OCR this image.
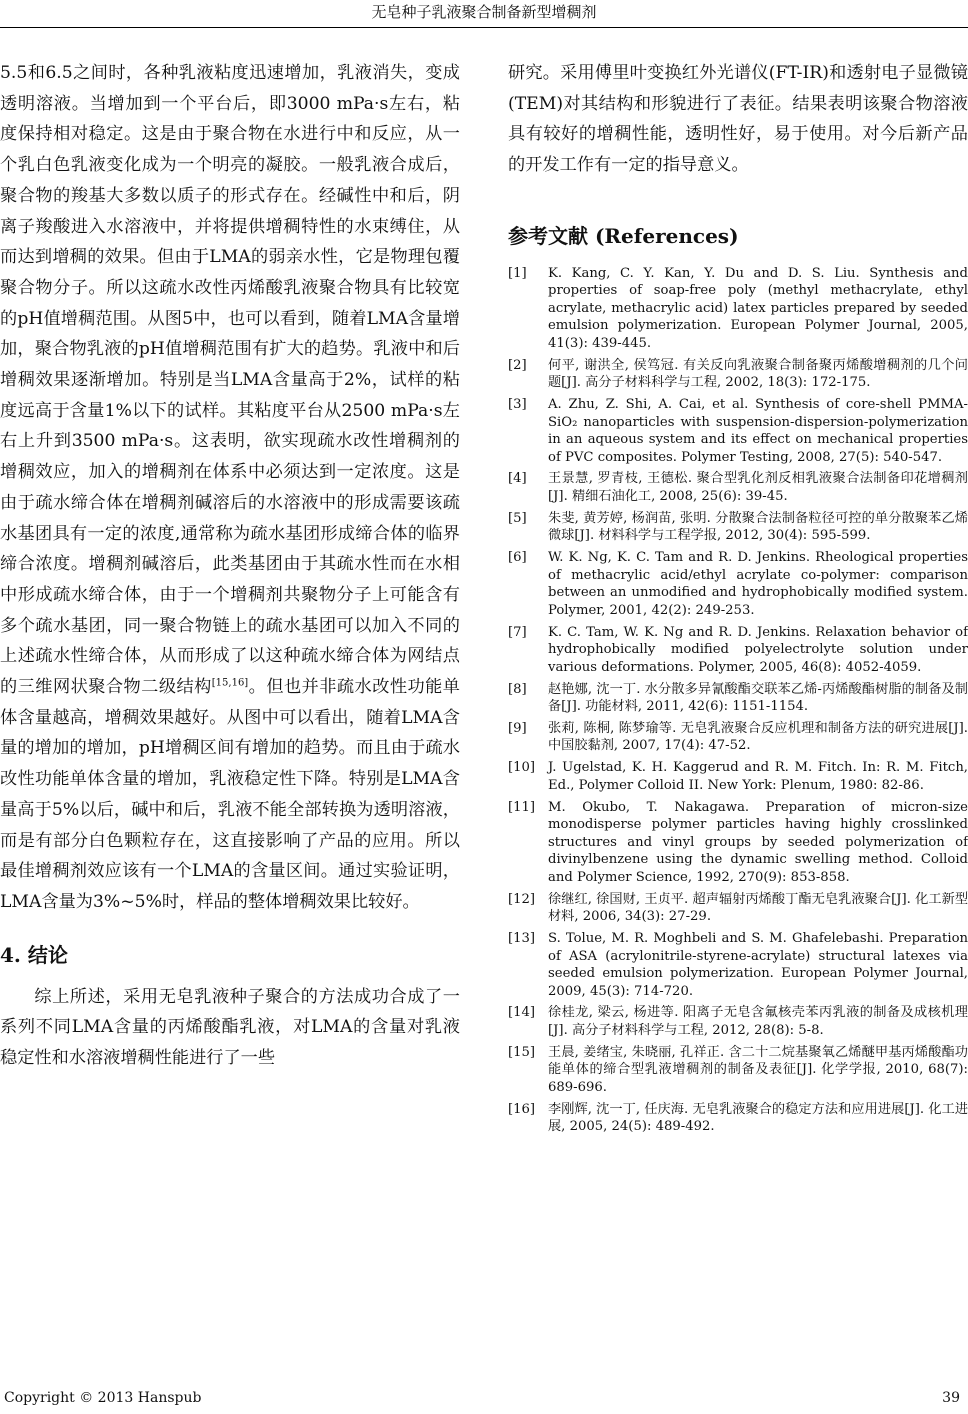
无皂种子乳液聚合制备新型增稠剂

5.5和6.5之间时，各种乳液粘度迅速增加，乳液消失，变成透明溶液。当增加到一个平台后，即3000 mPa·s左右，粘度保持相对稳定。这是由于聚合物在水进行中和反应，从一个乳白色乳液变化成为一个明亮的凝胶。一般乳液合成后，聚合物的羧基大多数以质子的形式存在。经碱性中和后，阴离子羧酸进入水溶液中，并将提供增稠特性的水束缚住，从而达到增稠的效果。但由于LMA的弱亲水性，它是物理包覆聚合物分子。所以这疏水改性丙烯酸乳液聚合物具有比较宽的pH值增稠范围。从图5中，也可以看到，随着LMA含量增加，聚合物乳液的pH值增稠范围有扩大的趋势。乳液中和后增稠效果逐渐增加。特别是当LMA含量高于2%，试样的粘度远高于含量1%以下的试样。其粘度平台从2500 mPa·s左右上升到3500 mPa·s。这表明，欲实现疏水改性增稠剂的增稠效应，加入的增稠剂在体系中必须达到一定浓度。这是由于疏水缔合体在增稠剂碱溶后的水溶液中的形成需要该疏水基团具有一定的浓度,通常称为疏水基团形成缔合体的临界缔合浓度。增稠剂碱溶后，此类基团由于其疏水性而在水相中形成疏水缔合体，由于一个增稠剂共聚物分子上可能含有多个疏水基团，同一聚合物链上的疏水基团可以加入不同的上述疏水性缔合体，从而形成了以这种疏水缔合体为网结点的三维网状聚合物二级结构[15,16]。但也并非疏水改性功能单体含量越高，增稠效果越好。从图中可以看出，随着LMA含量的增加的增加，pH增稠区间有增加的趋势。而且由于疏水改性功能单体含量的增加，乳液稳定性下降。特别是LMA含量高于5%以后，碱中和后，乳液不能全部转换为透明溶液，而是有部分白色颗粒存在，这直接影响了产品的应用。所以最佳增稠剂效应该有一个LMA的含量区间。通过实验证明，LMA含量为3%~5%时，样品的整体增稠效果比较好。

4. 结论

综上所述，采用无皂乳液种子聚合的方法成功合成了一系列不同LMA含量的丙烯酸酯乳液，对LMA的含量对乳液稳定性和水溶液增稠性能进行了一些

研究。采用傅里叶变换红外光谱仪(FT-IR)和透射电子显微镜(TEM)对其结构和形貌进行了表征。结果表明该聚合物溶液具有较好的增稠性能，透明性好，易于使用。对今后新产品的开发工作有一定的指导意义。

参考文献 (References)
[1]	K. Kang, C. Y. Kan, Y. Du and D. S. Liu. Synthesis and properties of soap-free poly (methyl methacrylate, ethyl acrylate, methacrylic acid) latex particles prepared by seeded emulsion polymerization. European Polymer Journal, 2005, 41(3): 439-445.
[2]	何平, 谢洪全, 侯笃冠. 有关反向乳液聚合制备聚丙烯酸增稠剂的几个问题[J]. 高分子材料科学与工程, 2002, 18(3): 172-175.
[3]	A. Zhu, Z. Shi, A. Cai, et al. Synthesis of core-shell PMMA-SiO₂ nanoparticles with suspension-dispersion-polymerization in an aqueous system and its effect on mechanical properties of PVC composites. Polymer Testing, 2008, 27(5): 540-547.
[4]	王景慧, 罗青枝, 王德松. 聚合型乳化剂反相乳液聚合法制备印花增稠剂[J]. 精细石油化工, 2008, 25(6): 39-45.
[5]	朱斐, 黄芳婷, 杨润苗, 张明. 分散聚合法制备粒径可控的单分散聚苯乙烯微球[J]. 材料科学与工程学报, 2012, 30(4): 595-599.
[6]	W. K. Ng, K. C. Tam and R. D. Jenkins. Rheological properties of methacrylic acid/ethyl acrylate co-polymer: comparison between an unmodified and hydrophobically modified system. Polymer, 2001, 42(2): 249-253.
[7]	K. C. Tam, W. K. Ng and R. D. Jenkins. Relaxation behavior of hydrophobically modified polyelectrolyte solution under various deformations. Polymer, 2005, 46(8): 4052-4059.
[8]	赵艳娜, 沈一丁. 水分散多异氰酸酯交联苯乙烯-丙烯酸酯树脂的制备及制备[J]. 功能材料, 2011, 42(6): 1151-1154.
[9]	张莉, 陈桐, 陈梦瑜等. 无皂乳液聚合反应机理和制备方法的研究进展[J]. 中国胶黏剂, 2007, 17(4): 47-52.
[10] J. Ugelstad, K. H. Kaggerud and R. M. Fitch. In: R. M. Fitch, Ed., Polymer Colloid II. New York: Plenum, 1980: 82-86.
[11] M. Okubo, T. Nakagawa. Preparation of micron-size monodisperse polymer particles having highly crosslinked structures and vinyl groups by seeded polymerization of divinylbenzene using the dynamic swelling method. Colloid and Polymer Science, 1992, 270(9): 853-858.
[12] 徐继红, 徐国财, 王贞平. 超声辐射丙烯酸丁酯无皂乳液聚合[J]. 化工新型材料, 2006, 34(3): 27-29.
[13] S. Tolue, M. R. Moghbeli and S. M. Ghafelebashi. Preparation of ASA (acrylonitrile-styrene-acrylate) structural latexes via seeded emulsion polymerization. European Polymer Journal, 2009, 45(3): 714-720.
[14] 徐桂龙, 梁云, 杨进等. 阳离子无皂含氟核壳苯丙乳液的制备及成核机理[J]. 高分子材料科学与工程, 2012, 28(8): 5-8.
[15] 王晨, 姜绪宝, 朱晓丽, 孔祥正. 含二十二烷基聚氧乙烯醚甲基丙烯酸酯功能单体的缔合型乳液增稠剂的制备及表征[J]. 化学学报, 2010, 68(7): 689-696.
[16] 李刚辉, 沈一丁, 任庆海. 无皂乳液聚合的稳定方法和应用进展[J]. 化工进展, 2005, 24(5): 489-492.
Copyright © 2013 Hanspub	39
